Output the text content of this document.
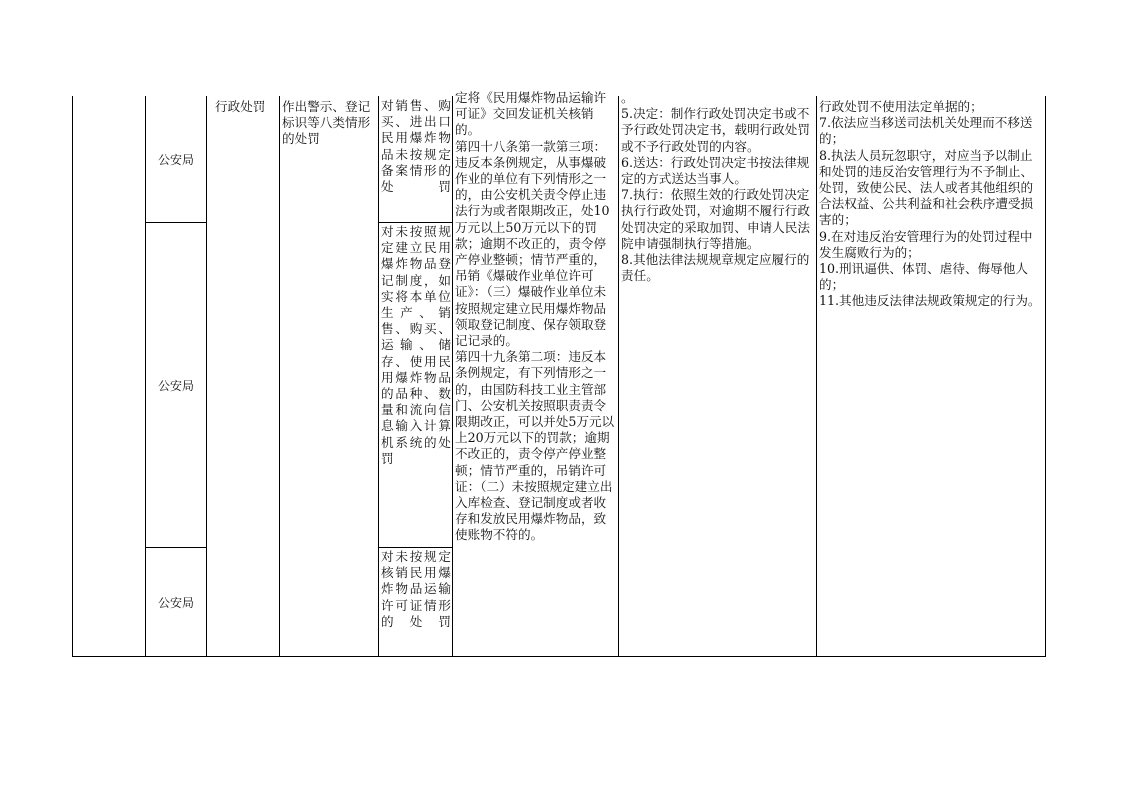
公安局
公安局
公安局
行政处罚	作出警示、登记标识等八类情形的处罚
对销售、购买、进出口民用爆炸物品未按规定备案情形的处罚
对未按照规定建立民用爆炸物品登记制度，如实将本单位生产、销售、购买、运输、储存、使用民用爆炸物品的品种、数量和流向信息输入计算机系统的处罚
对未按规定核销民用爆炸物品运输许可证情形的处罚
定将《民用爆炸物品运输许可证》交回发证机关核销的。
第四十八条第一款第三项：违反本条例规定，从事爆破作业的单位有下列情形之一的，由公安机关责令停止违法行为或者限期改正，处10万元以上50万元以下的罚款；逾期不改正的，责令停产停业整顿；情节严重的，吊销《爆破作业单位许可证》：（三）爆破作业单位未按照规定建立民用爆炸物品领取登记制度、保存领取登记记录的。
第四十九条第二项：违反本条例规定，有下列情形之一的，由国防科技工业主管部门、公安机关按照职责责令限期改正，可以并处5万元以上20万元以下的罚款；逾期不改正的，责令停产停业整顿；情节严重的，吊销许可证：（二）未按照规定建立出入库检查、登记制度或者收存和发放民用爆炸物品，致使账物不符的。
。
5.决定：制作行政处罚决定书或不予行政处罚决定书，载明行政处罚或不予行政处罚的内容。
6.送达：行政处罚决定书按法律规定的方式送达当事人。
7.执行：依照生效的行政处罚决定执行行政处罚，对逾期不履行行政处罚决定的采取加罚、申请人民法院申请强制执行等措施。
8.其他法律法规规章规定应履行的责任。
行政处罚不使用法定单据的；
7.依法应当移送司法机关处理而不移送的；
8.执法人员玩忽职守，对应当予以制止和处罚的违反治安管理行为不予制止、处罚，致使公民、法人或者其他组织的合法权益、公共利益和社会秩序遭受损害的；
9.在对违反治安管理行为的处罚过程中发生腐败行为的；
10.刑讯逼供、体罚、虐待、侮辱他人的；
11.其他违反法律法规政策规定的行为。
